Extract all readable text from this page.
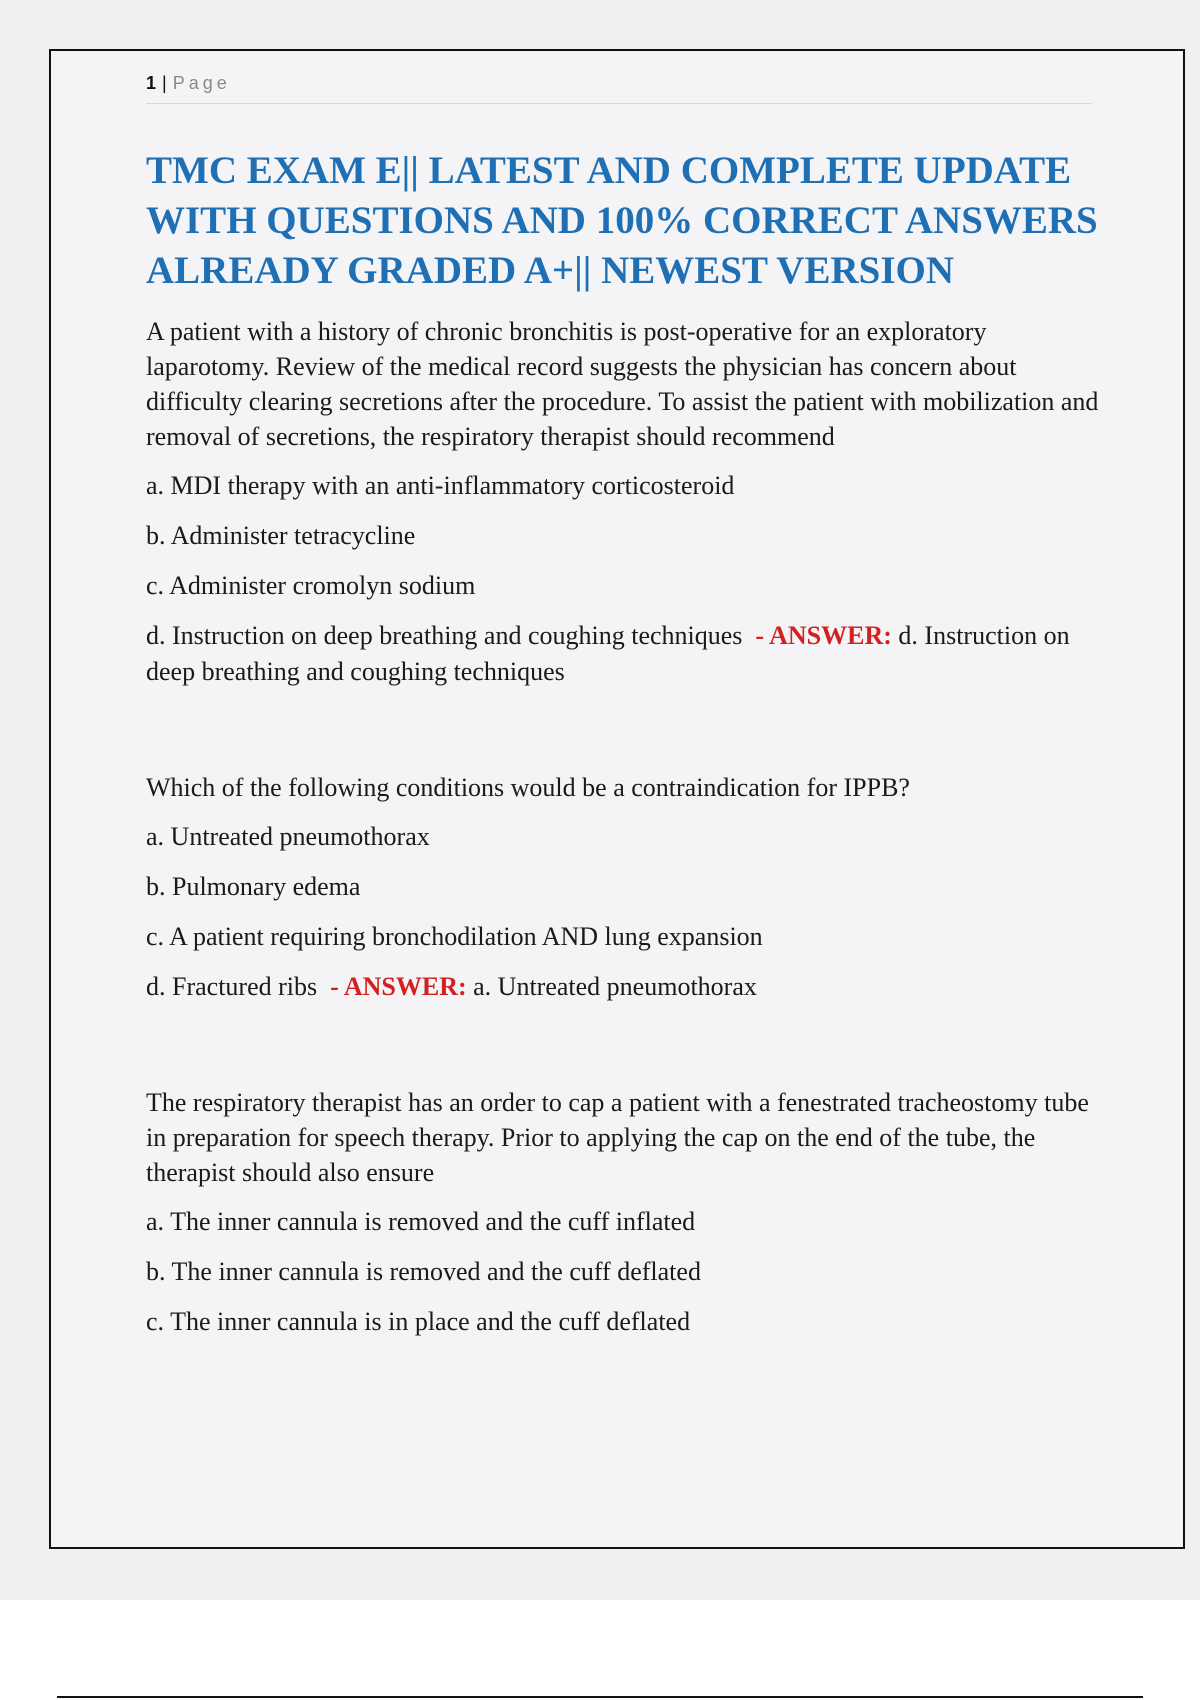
1 | Page
TMC EXAM E|| LATEST AND COMPLETE UPDATE WITH QUESTIONS AND 100% CORRECT ANSWERS ALREADY GRADED A+|| NEWEST VERSION

A patient with a history of chronic bronchitis is post-operative for an exploratory laparotomy. Review of the medical record suggests the physician has concern about difficulty clearing secretions after the procedure. To assist the patient with mobilization and removal of secretions, the respiratory therapist should recommend

a. MDI therapy with an anti-inflammatory corticosteroid

b. Administer tetracycline

c. Administer cromolyn sodium

d. Instruction on deep breathing and coughing techniques - ANSWER: d. Instruction on deep breathing and coughing techniques

Which of the following conditions would be a contraindication for IPPB?

a. Untreated pneumothorax

b. Pulmonary edema

c. A patient requiring bronchodilation AND lung expansion

d. Fractured ribs - ANSWER: a. Untreated pneumothorax

The respiratory therapist has an order to cap a patient with a fenestrated tracheostomy tube in preparation for speech therapy. Prior to applying the cap on the end of the tube, the therapist should also ensure

a. The inner cannula is removed and the cuff inflated

b. The inner cannula is removed and the cuff deflated

c. The inner cannula is in place and the cuff deflated
